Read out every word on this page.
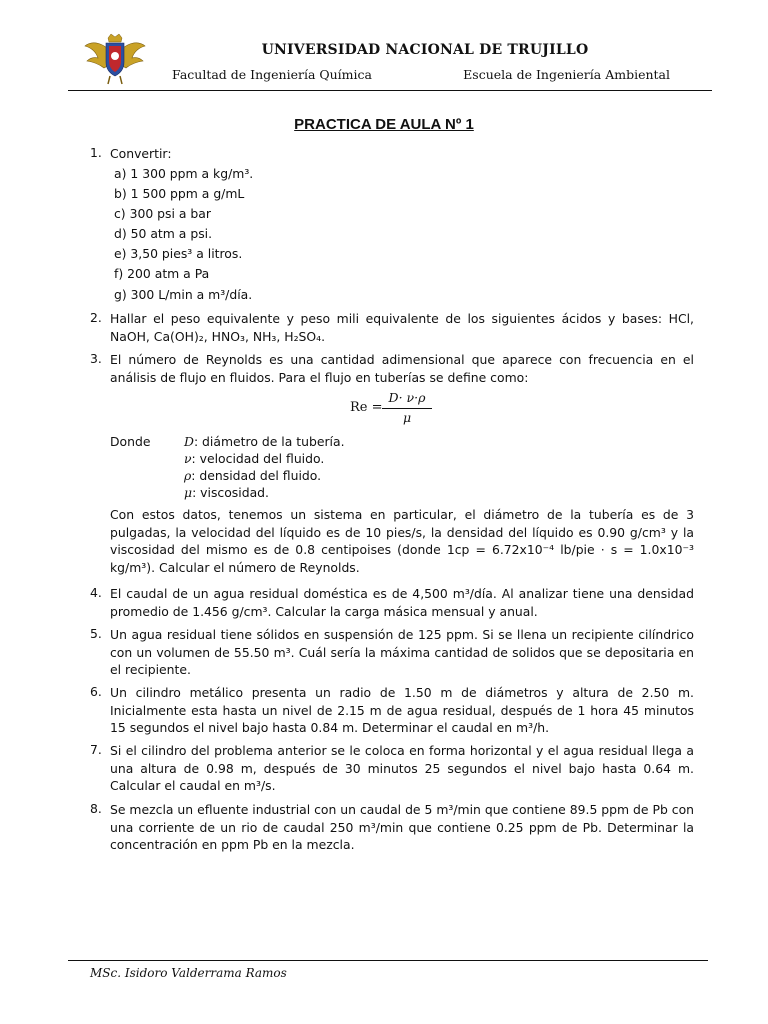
UNIVERSIDAD NACIONAL DE TRUJILLO
Facultad de Ingeniería Química	Escuela de Ingeniería Ambiental
PRACTICA DE AULA Nº 1
1. Convertir:
a) 1 300 ppm a kg/m³.
b) 1 500 ppm a g/mL
c) 300 psi a bar
d) 50 atm a psi.
e) 3,50 pies³ a litros.
f) 200 atm a Pa
g) 300 L/min a m³/día.
2. Hallar el peso equivalente y peso mili equivalente de los siguientes ácidos y bases: HCl, NaOH, Ca(OH)₂, HNO₃, NH₃, H₂SO₄.
3. El número de Reynolds es una cantidad adimensional que aparece con frecuencia en el análisis de flujo en fluidos. Para el flujo en tuberías se define como:
Re =
D· ν·ρ
μ
Donde	D: diámetro de la tubería.
ν: velocidad del fluido.
ρ: densidad del fluido.
μ: viscosidad.
Con estos datos, tenemos un sistema en particular, el diámetro de la tubería es de 3 pulgadas, la velocidad del líquido es de 10 pies/s, la densidad del líquido es 0.90 g/cm³ y la viscosidad del mismo es de 0.8 centipoises (donde 1cp = 6.72x10⁻⁴ lb/pie · s = 1.0x10⁻³ kg/m³). Calcular el número de Reynolds.
4. El caudal de un agua residual doméstica es de 4,500 m³/día. Al analizar tiene una densidad promedio de 1.456 g/cm³. Calcular la carga másica mensual y anual.
5. Un agua residual tiene sólidos en suspensión de 125 ppm. Si se llena un recipiente cilíndrico con un volumen de 55.50 m³. Cuál sería la máxima cantidad de solidos que se depositaria en el recipiente.
6. Un cilindro metálico presenta un radio de 1.50 m de diámetros y altura de 2.50 m. Inicialmente esta hasta un nivel de 2.15 m de agua residual, después de 1 hora 45 minutos 15 segundos el nivel bajo hasta 0.84 m. Determinar el caudal en m³/h.
7. Si el cilindro del problema anterior se le coloca en forma horizontal y el agua residual llega a una altura de 0.98 m, después de 30 minutos 25 segundos el nivel bajo hasta 0.64 m. Calcular el caudal en m³/s.
8. Se mezcla un efluente industrial con un caudal de 5 m³/min que contiene 89.5 ppm de Pb con una corriente de un rio de caudal 250 m³/min que contiene 0.25 ppm de Pb. Determinar la concentración en ppm Pb en la mezcla.
MSc. Isidoro Valderrama Ramos
